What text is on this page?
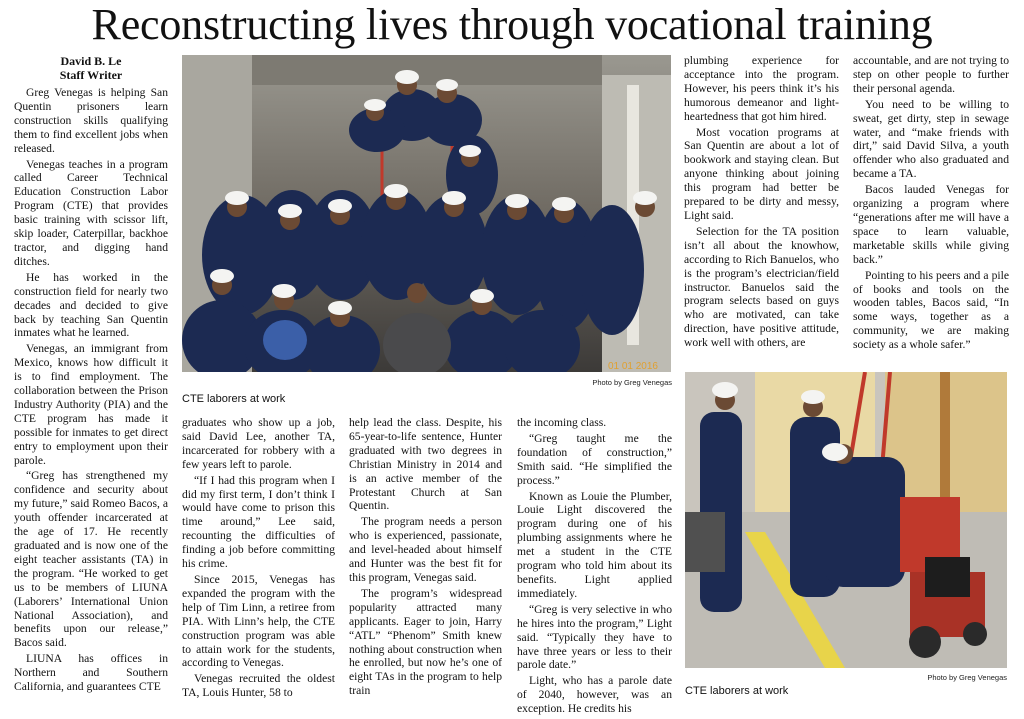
Reconstructing lives through vocational training
David B. Le
Staff Writer

Greg Venegas is helping San Quentin prisoners learn construction skills qualifying them to find excellent jobs when released.

Venegas teaches in a program called Career Technical Education Construction Labor Program (CTE) that provides basic training with scissor lift, skip loader, Caterpillar, backhoe tractor, and digging hand ditches.

He has worked in the construction field for nearly two decades and decided to give back by teaching San Quentin inmates what he learned.

Venegas, an immigrant from Mexico, knows how difficult it is to find employment. The collaboration between the Prison Industry Authority (PIA) and the CTE program has made it possible for inmates to get direct entry to employment upon their parole.

“Greg has strengthened my confidence and security about my future,” said Romeo Bacos, a youth offender incarcerated at the age of 17. He recently graduated and is now one of the eight teacher assistants (TA) in the program. “He worked to get us to be members of LIUNA (Laborers’ International Union National Association), and benefits upon our release,” Bacos said.

LIUNA has offices in Northern and Southern California, and guarantees CTE

01 01 2016
Photo by Greg Venegas
CTE laborers at work

graduates who show up a job, said David Lee, another TA, incarcerated for robbery with a few years left to parole.

“If I had this program when I did my first term, I don’t think I would have come to prison this time around,” Lee said, recounting the difficulties of finding a job before committing his crime.

Since 2015, Venegas has expanded the program with the help of Tim Linn, a retiree from PIA. With Linn’s help, the CTE construction program was able to attain work for the students, according to Venegas.

Venegas recruited the oldest TA, Louis Hunter, 58 to

help lead the class. Despite, his 65-year-to-life sentence, Hunter graduated with two degrees in Christian Ministry in 2014 and is an active member of the Protestant Church at San Quentin.

The program needs a person who is experienced, passionate, and level-headed about himself and Hunter was the best fit for this program, Venegas said.

The program’s widespread popularity attracted many applicants. Eager to join, Harry “ATL” “Phenom” Smith knew nothing about construction when he enrolled, but now he’s one of eight TAs in the program to help train

the incoming class.

“Greg taught me the foundation of construction,” Smith said. “He simplified the process.”

Known as Louie the Plumber, Louie Light discovered the program during one of his plumbing assignments where he met a student in the CTE program who told him about its benefits. Light applied immediately.

“Greg is very selective in who he hires into the program,” Light said. “Typically they have to have three years or less to their parole date.”

Light, who has a parole date of 2040, however, was an exception. He credits his

plumbing experience for acceptance into the program. However, his peers think it’s his humorous demeanor and light-heartedness that got him hired.

Most vocation programs at San Quentin are about a lot of bookwork and staying clean. But anyone thinking about joining this program had better be prepared to be dirty and messy, Light said.

Selection for the TA position isn’t all about the knowhow, according to Rich Banuelos, who is the program’s electrician/field instructor. Banuelos said the program selects based on guys who are motivated, can take direction, have positive attitude, work well with others, are

accountable, and are not trying to step on other people to further their personal agenda.

You need to be willing to sweat, get dirty, step in sewage water, and “make friends with dirt,” said David Silva, a youth offender who also graduated and became a TA.

Bacos lauded Venegas for organizing a program where “generations after me will have a space to learn valuable, marketable skills while giving back.”

Pointing to his peers and a pile of books and tools on the wooden tables, Bacos said, “In some ways, together as a community, we are making society as a whole safer.”

Photo by Greg Venegas
CTE laborers at work
